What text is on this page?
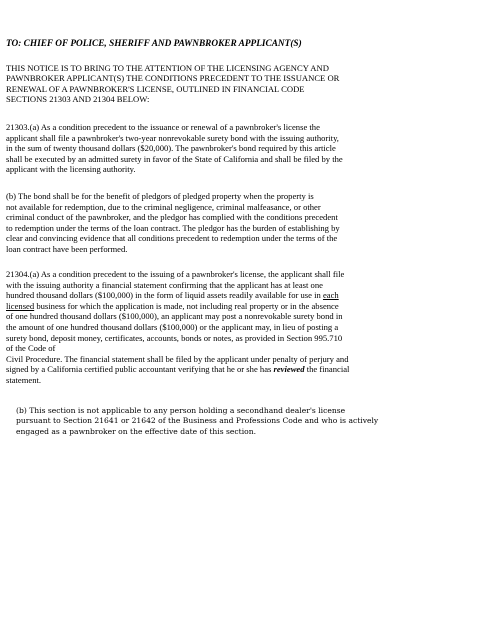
TO: CHIEF OF POLICE, SHERIFF AND PAWNBROKER APPLICANT(S)
THIS NOTICE IS TO BRING TO THE ATTENTION OF THE LICENSING AGENCY AND
PAWNBROKER APPLICANT(S) THE CONDITIONS PRECEDENT TO THE ISSUANCE OR
RENEWAL OF A PAWNBROKER'S LICENSE, OUTLINED IN FINANCIAL CODE
SECTIONS 21303 AND 21304 BELOW:
21303.(a) As a condition precedent to the issuance or renewal of a pawnbroker's license the
applicant shall file a pawnbroker's two-year nonrevokable surety bond with the issuing authority,
in the sum of twenty thousand dollars ($20,000). The pawnbroker's bond required by this article
shall be executed by an admitted surety in favor of the State of California and shall be filed by the
applicant with the licensing authority.
(b) The bond shall be for the benefit of pledgors of pledged property when the property is
not available for redemption, due to the criminal negligence, criminal malfeasance, or other
criminal conduct of the pawnbroker, and the pledgor has complied with the conditions precedent
to redemption under the terms of the loan contract. The pledgor has the burden of establishing by
clear and convincing evidence that all conditions precedent to redemption under the terms of the
loan contract have been performed.
21304.(a) As a condition precedent to the issuing of a pawnbroker's license, the applicant shall file
with the issuing authority a financial statement confirming that the applicant has at least one
hundred thousand dollars ($100,000) in the form of liquid assets readily available for use in each
licensed business for which the application is made, not including real property or in the absence
of one hundred thousand dollars ($100,000), an applicant may post a nonrevokable surety bond in
the amount of one hundred thousand dollars ($100,000) or the applicant may, in lieu of posting a
surety bond, deposit money, certificates, accounts, bonds or notes, as provided in Section 995.710
of the Code of
Civil Procedure. The financial statement shall be filed by the applicant under penalty of perjury and
signed by a California certified public accountant verifying that he or she has reviewed the financial
statement.
(b) This section is not applicable to any person holding a secondhand dealer's license
pursuant to Section 21641 or 21642 of the Business and Professions Code and who is actively
engaged as a pawnbroker on the effective date of this section.
